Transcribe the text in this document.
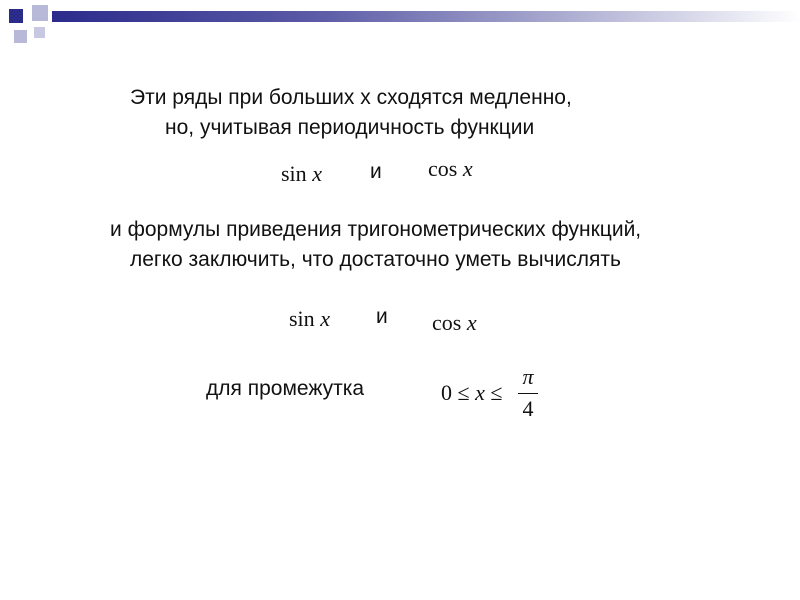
Эти ряды при больших x сходятся медленно,
но, учитывая периодичность функции
sin x и cos x
и формулы приведения тригонометрических функций,
легко заключить, что достаточно уметь вычислять
sin x и cos x
для промежутка	0 ≤ x ≤
π
4
